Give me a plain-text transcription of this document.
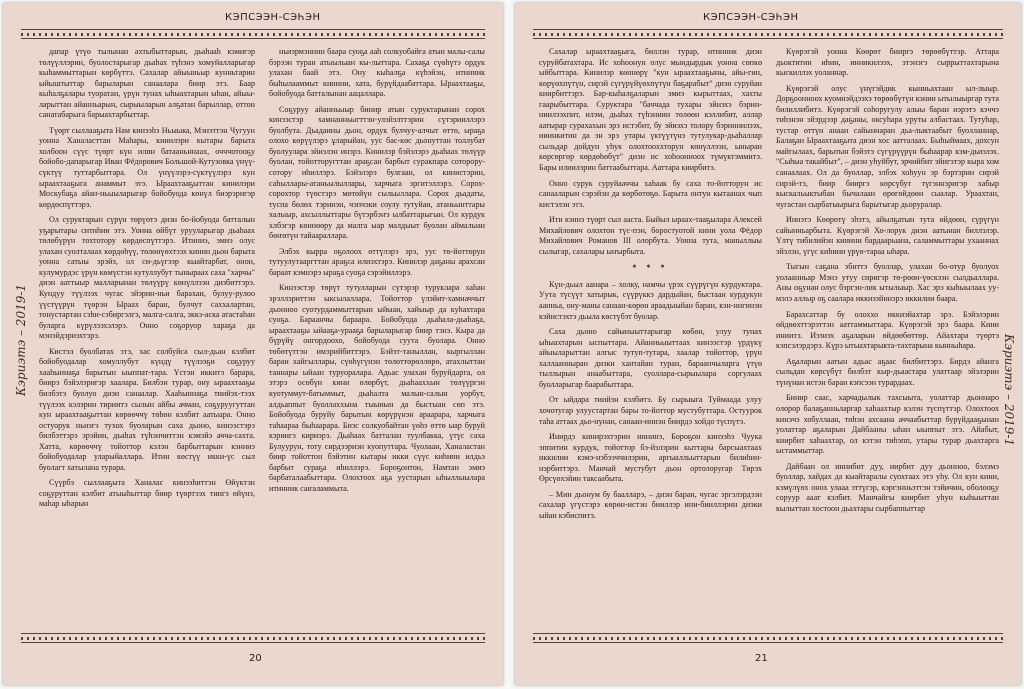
КЭПСЭЭН-СЭҺЭН

дапар үтүө тылынан ахтыбыттарын, дьаһааһ кэмигэр төлүүллэрин, буолостарыгар дьаһах түһэнэ хомуйалларыгар кыһаммыттарын көрбүттэ. Сахалар айыыньыр кунньтарин ыйыштыттар барыларын санаалара биир этэ. Баар кыһалҕалары туоратан, үрүн тунах ыһыахтарын ыһан, айыы-ларыттан айанньарын, сырыыларын алҕатан барыллар, оттон санатабарыга барыахтарбыттар.

Түөрт сыллааҕыта Нам кинээһэ Ньыыка, Мэнэттэн Чугуун уонна Ханаласттан Маһары, кинилэри кытары барыта холбоон сүүс түөрт күн илин батааньннаах, очччотооҕу бойобо-дапарыгар Иван Фёдорович Большой-Кутузовка үнүү-сүктүү туттарбыттара. Ол үнүүлэрэ-сүктүүлэрэ кун ыраахтааҕыга анаммыт этэ. Ыраахтааҕыттан кинилэри Москубаҕа айан-ньыыларыгар бойобуода көнүл биэрэригэр көрдөспүттэрэ.

Ол суруктарын сүрүн төрүөтэ диэн бо-йобуода батталын уҕарытары ситиһии этэ. Уонна өйбүт урууларыгар дьаһаах төлөбүрүн тохтотору көрдөспүттэрэ. Итиниэ, эмиэ олус улахан суолталаах көрдөһүү, төлөнүөхтээх кинин дьон барыта уонна сатыы эрэйэ, ол си-дьүгээр кыайтарбат, онон, кулумурдэс үрүн көмүстэн кутуллубут тыныраах саха "харчы" диэн ааттыыр малларынан төлүүрү көнүллээн дизбиттэрэ. Кундуу түүлээх чугас эйэрин-ньи барахаи, булуу-рулоо үүстүүрүн түөрэн Ыраах баран, булчут саххалартан, тонустартан сэһи-сэбиргэлгэ, малга-салга, эккэ-аска атастаһан буларга күрүлээхэлэрэ. Онно соҕоруор хараҕа да мэнэйдэриэхтэрэ.

Кистэл буолбатах этэ, хас солбуйса сыл-дьан кэлбит бойобуодалар хомуллубут күндү түүлээҕи соҕуруу хааһыннаҕа барытын ыыппат-тара. Үстэн иккитэ барара, биирэ бэйэлэригэр хаалара. Билбэн турар, ону ыраахтааҕы билбэтэ буолуо диэн санаалар. Хааһыннаҕа тиийэх-тээх түүлээх кэлэрин тириитэ сылын айбы ачман, соҕуруугуттан кун ыраахтааҕыттан көрөөччү төһөн кэлбит аатыара. Онно остуорук ньиэгэ тухох буоларын саха дьоно, кинээстэрэ билбэттэрэ эрэйин, дьаһах түһэнчиттэн кэмэйэ ачча-сахта. Хатта, көрөөччү тойоттор кэлэн барбыттарын кэнниэ бойобуодалар уларыйаллара. Итин көстүү икки-үс сыл буолагт хатылана турара.

Сүүрбэ сыллааҕыта Ханалас кинээһиттэн Өйүктэн соҕуруттан кэлбит атыыһыттар биир түөртээх тиигэ өйүнэ, маһар ыһарын

ньиэрмэннин баара суоҕа ааһ солкуобайга атын малы-салы бэрээн туран атыылыан кы-лыттара. Сахаҕа сүөһүтэ ордук улахан баай этэ. Ону кыһалҕа күһэйэн, итинник быһылааммыт кинини, хата, бурүйдаабаттара. Ыраахтааҕы, бойобуода батталынан аацаллара.

Соҕуруу айанньыыр бинир атын суруктарынан сорох кинээстэр хамнанньыгттэн-улэйэлттэрин сүтэрииллэрэ буолбута. Дьадаины дьон, ордук булчуу-алчыт өттө, ыраҕа олохо көрүүлэрэ ұларыйан, уус бас-көс дьонуттан толлубат буолуулара эйиэлэн инэрэ. Кинилэр бэйэлэрэ дьаһаах төлүүр буолан, тойотторугттан араҕсан барбыт суракпара соторору-сотору иһиллэрэ. Бэйэлэрэ булгаан, ол кинистэрин, саһыллары-атаньылыллары, харчыга эргитэллэрэ. Сорох-сорохтор түөстэрэ мөтөйүн сыльыллара. Сорох дьадаты, туспа бөлөх тэринэн, чэпчэки соулу тутуйан, атаньынттары халыыр, ахсыллыттары бүтэрбэҥэ ылбаттарыгын. Ол курдук хлбэгэр көннөөру да малга ыар малдыыт буолан аймалыан бөҥөтүн тайаараллара.

Элбэх кырра оҕолоох өттүлэрэ эрэ, уус тө-йоттөрун тутуулутааргттан араҕса илиэхтэрэ. Кинилэр даҕаны арахсан бараат кэмнэрэ ыраҕа суоҕа сэрэйиллэрэ.

Кинээстэр төрүт тутулларын сүтэрэр туруклара хаһан эрэллэриттэн ыксылаллара. Тойоттор үлэйит-хамначчыт дьонноо суотурдаммыттарын ыйыан, хайыыр да куһахтара суоҕа. Бараанчы бараара. Бойобуода дьаһала-дьаһаҕа, ыраахтааҕы ыйааҕа-урааҕа барыларыгар биир тэнэ. Кыра да бүрүйү онгордоохо, бойобуода суута буолара. Онно төбөтүттэн имэрийбиттэрэ. Бэйэт-таныллан, кыргыллан баран хайгыллары, сүөһүгүнэн төлөттөрөллөрө, атахлыттан таннары ыйаан туруоралара. Адьас улахан буруйдарга, ол этэрэ осөбүн кини өлөрбүт, дьаһааххын төлүүргэн куотуммут-батыммыт, дьаһалта малын-салын уорбут, алдьаппыт буоллаххына тыынын да быстыан сөп этэ. Бойобуода буруйу барытын көрүрүнэн араарара, харчыга таһаараа быһаарара. Биэс солкуобайтан үөһэ өттө ыар буруй кэриигэ кириэрэ. Дьаһаах батталан туулбакка, үтүс саха Булуурун, тоту сирдээриэн куопуттара. Чуолаан, Ханаластан биир тойоттон бэйэтин кытары икки сүүс киһини илдьэ барбыт сураҕа иһиллэрэ. Бороҕонтон, Намтан эмиэ барбаталаабыттара. Олохтоох аҕа уустарын ыһыллыылара итинник саҥаламмыта.

20
Кэриэтэ – 2019-1
КЭПСЭЭН-СЭҺЭН

Сахалар ыраахтааҕыга, биллэн турар, итинник диэн суруйбатахтара. Ис хоһоонун олус мындырдык уонна сөпкө ыйбыттара. Кинилэр көннөрү "кун ыраахтааҕыны, айы-гин, көрүөхпүтүн, сирэй сүгүрүйүөхпүтүн баҕарабыт" диэн суруйан киирбиттэрэ. Бар-кыһалҕаларын эмиэ кырыттаах, хахты гаарыбыттара. Суруктара "баччада тухары эйиэхэ бэрин-ниилээхпит, илэм, дьаһах түһэниин төлөөн кэллибит, аллар аатырар сурахахын эрэ истэбит, бу эйиэхэ толору бэриннилээх, ииинкитин да эн эрэ утары үктүүтүнэ тутулукар-дьаһаллар сыльдар дойдун уһук олохтооххторун көнүллээн, ыныран көрсөргөр көрдөһөбүт" диэн ис хоһоонноох түмүктэммитэ. Бары илиилэрин баттаабыттара. Ааттара киирбитэ.

Онно сурук суруйааччы хаһаак бу саха то-йотторун ис санааларын сэрэйэн да көрбөтөҕө. Барыта онтун кытаанах чып кистэлэн этэ.

Ити кэннэ түөрт сыл ааста. Быйыл ыраах-тааҕылара Алексей Михайлович олохтон түс-пэн, боростуотой кини уола Фёдор Михайлович Романов III олорбута. Уонна тута, маныллыы сылыгар, сахалары ыҥырбыта.

* * *

Күн-дьыл аанара – холку, намчы үрэх сүүрүгүн курдуктара. Уута түсүүт хатырык, сүүрүккэ дардыйан, быстаан курдукун аанньа, ону-маны санаан-көрөн араадыыйан баран, кэн-нигинэн кэйистэхтэ дьыла көстүбэт буолар.

Саха дьоно сайыныыттарыгар көбөн, улуу тунах ыһыахтарын ыспыттара. Айанньыыттаах кинээстэр үрдүкү айыыларыттан алгыс тутуп-тутара, хаалар тойоттор, үрүн халлаанныран дизкн хантайан туран, бараанчыларга үтүө тыллырын анаабыттара, суоллара-сырыылара соргулаах буолларыгар баарабыттара.

От ыйдара тиийэн кэлбитэ. Бу сырыыга Туймаада улуу хочотугар улуустартан бары то-йоттор мустубуттара. Остуурок таһа аттаах дьо-нунан, санаан-иннэн биирдэ хойдо түспүтэ.

Инирдэ кинирэхтэрин иннинэ, Бороҕон кинээһэ Чуука эппитин курдук, тойоттор бэ-йэлэрин кыттары барсыахтаах иккилии кэмэ-нэбээччилэрин, аргыалльыттарын билиhин-нэрбиттэрэ. Манчай мустубут дьон ортолоругар Тирэх Өрсүөхэйин таксаабыта.

– Мин дьонум бу баалларэ, – диэн баран, чугас эргэлэрдэзн сахалар үгүстэрэ көрөн-истэн бииллэр ини-бииллэрин диэки ыйан кэбиспитэ.

Күөрэгэй уонна Көөрөт бииргэ төрөөбүттэр. Аттара дьоктитин иһин, инникилээх, этэнэгэ сыррыттахтарына кыскиллэх уоланнар.

Күөрэгэй олус үнүгэйдик кынньахтаан ыл-лыыр. Дорҕоонноох куомнэйдээхэ төрөөбүтүн кэнии ытылыыргар тута билиллибитэ. Күөрэгэй соһоругулу алыы баран иэрэтэ кэччэ тиһэнэн эйэрдээр даҕаны, оксуһара уруты албастаах. Тутуһар, тустар өттүн анаан сайыннаран дьа-лыктаабыт буолланнар, Балаҕан Ыраахтааҕыта диэн хос аатталаах. Быһыймаах, дохсун майгылаах, барытын бэйэтэ сүгүрүүрүн быһаарар кэм-дьиэлэх. "Сыһыа такайбыт", – диэн уһуйбут, эрчийбит эйигэтэр кыра хом санаалаах. Ол да буоллар, элбэх хоһуун эр бэртэрин сирэй сирэй-тэ, биир бииргэ көрсүбут түгэннэригэр хабыр кыскальыктыбан бычалаан өрөгөйдөөн сыалар. Ураахтан, чугастан сырбатыырыга барытыгар дьоруралар.

Иинэтэ Көөрөтү эһэтэ, айылҕатын тута өйдөөн, сүрүгүн сайынньарбыта. Күөрэгэй Хо-лорук диэн аатынан биллэлэр. Үлтү тибилийэн кинини бардаарыана, саламмыттары ухааннах эйэлэн, үгүс киһини үрүө-тараа ыһара.

Тыгын саҕана эбиттэ буоллар, улахан бо-отур буолуох уолаанньар Мэнэ утуу сиригэр тө-рөөн-үөскээн сылдьаллара. Аны оҕунан олус бэргэн-лик ытылыыр. Хас эрэ кыһыылаах уу-мэлэ аллыр оҕ саалара иккизэйннэрэ иккилии баара.

Барахсаттар бу олоххо иккиэйахтар эрэ. Бэйэлэрин өйдөөхттэрэттэн ааттаммыттара. Күөрэгэй эрэ баара. Кини иниитэ. Иэзиэх аҕаларын өйдөөбөттөр. Айахтара түөртэ кэпсэлэрдэрэ. Күрэ ытыахтарыкта-тахтарына кынныһара.

Аҕаларын аатын адьас аҕаас билбиттэрэ. Бирдэ айанга сыльдан көрсүбүт билбэт кыр-дьаастара улаттаар эйэлэрин түнүнан истэн баран кэпсээн турардаах.

Бинир саас, харчадылык тахсыыта, уолаттар дьоннаро олорор балаҕанньларгар хаһаахтыр кэлэн түспүттэр. Олохтоох кинэчэ хобуллаан, тиһэн ахсаана аччаабыттар бурүйдааҕынан уолаттар аҕаларын Дайбааны ыһан ыыппыт этэ. Айабыт, киирбит хаһаахтар, ол кэтэн тиһэпп, утары турар дьахтарга ыстаммыттар.

Дайбаан ол иннибит дуу, иирбит дуу дьонноо, бэлэмэ буоллар, хайдах да кыайтаралы суохтаах этэ уһу. Ол кун кини, кэмүлүөх онох улааа эттүгэр, кэргэнньэттэн тэйичин, оболооҕу соруур ааат кэлбит. Манчайгы киирбит уһун кыһыыттан кылыттан хостоон дьахтары сырбаппыттар

21
Кэриэтэ – 2019-1
